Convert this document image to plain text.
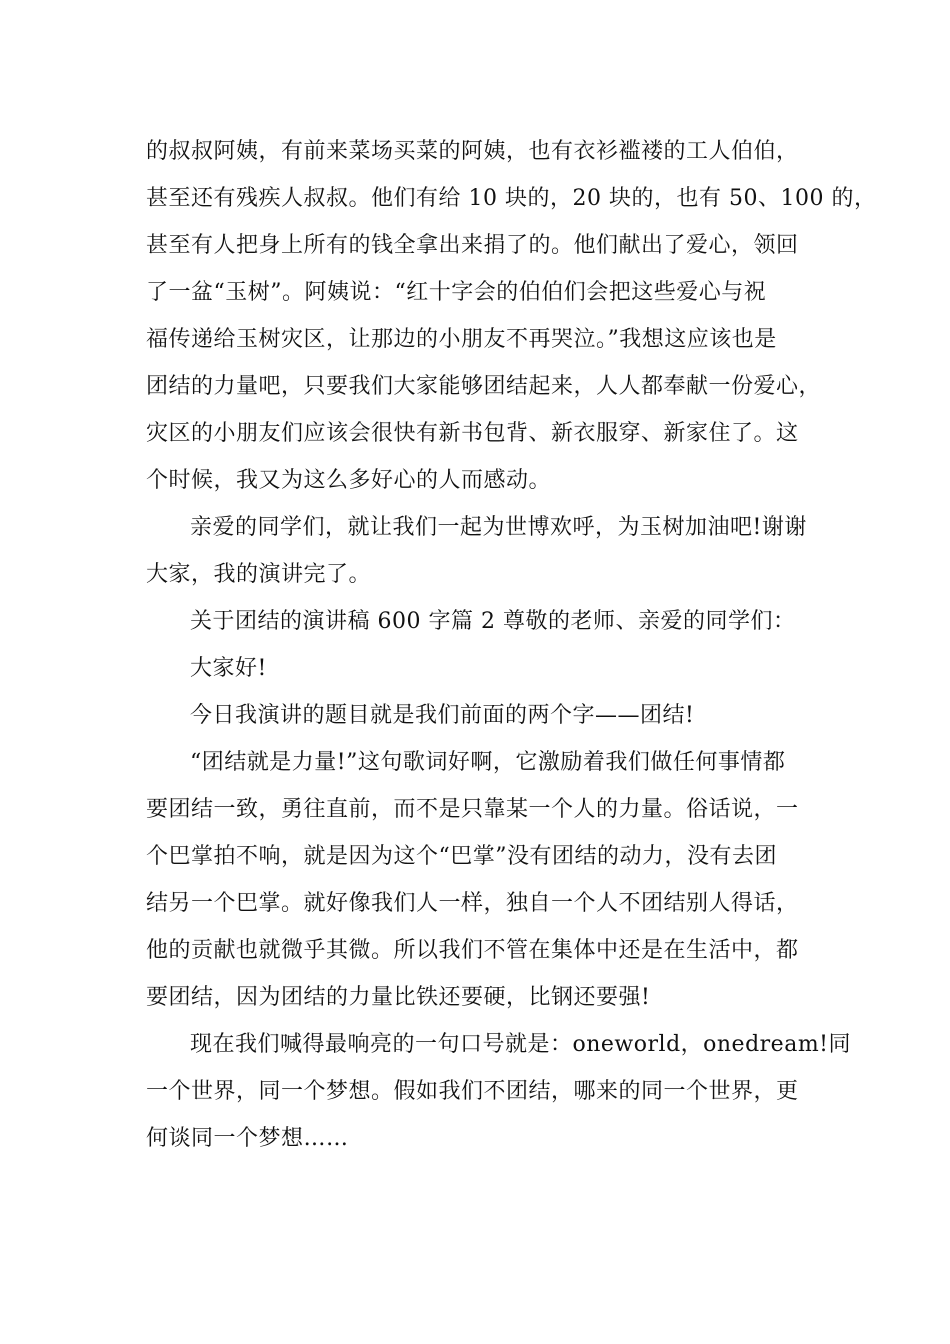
的叔叔阿姨，有前来菜场买菜的阿姨，也有衣衫褴褛的工人伯伯，
甚至还有残疾人叔叔。他们有给 10 块的，20 块的，也有 50、100 的，
甚至有人把身上所有的钱全拿出来捐了的。他们献出了爱心，领回
了一盆“玉树”。阿姨说：“红十字会的伯伯们会把这些爱心与祝
福传递给玉树灾区，让那边的小朋友不再哭泣。”我想这应该也是
团结的力量吧，只要我们大家能够团结起来，人人都奉献一份爱心，
灾区的小朋友们应该会很快有新书包背、新衣服穿、新家住了。这
个时候，我又为这么多好心的人而感动。
亲爱的同学们，就让我们一起为世博欢呼，为玉树加油吧!谢谢
大家，我的演讲完了。
关于团结的演讲稿 600 字篇 2 尊敬的老师、亲爱的同学们：
大家好!
今日我演讲的题目就是我们前面的两个字——团结!
“团结就是力量!”这句歌词好啊，它激励着我们做任何事情都
要团结一致，勇往直前，而不是只靠某一个人的力量。俗话说，一
个巴掌拍不响，就是因为这个“巴掌”没有团结的动力，没有去团
结另一个巴掌。就好像我们人一样，独自一个人不团结别人得话，
他的贡献也就微乎其微。所以我们不管在集体中还是在生活中，都
要团结，因为团结的力量比铁还要硬，比钢还要强!
现在我们喊得最响亮的一句口号就是：oneworld，onedream!同
一个世界，同一个梦想。假如我们不团结，哪来的同一个世界，更
何谈同一个梦想……
